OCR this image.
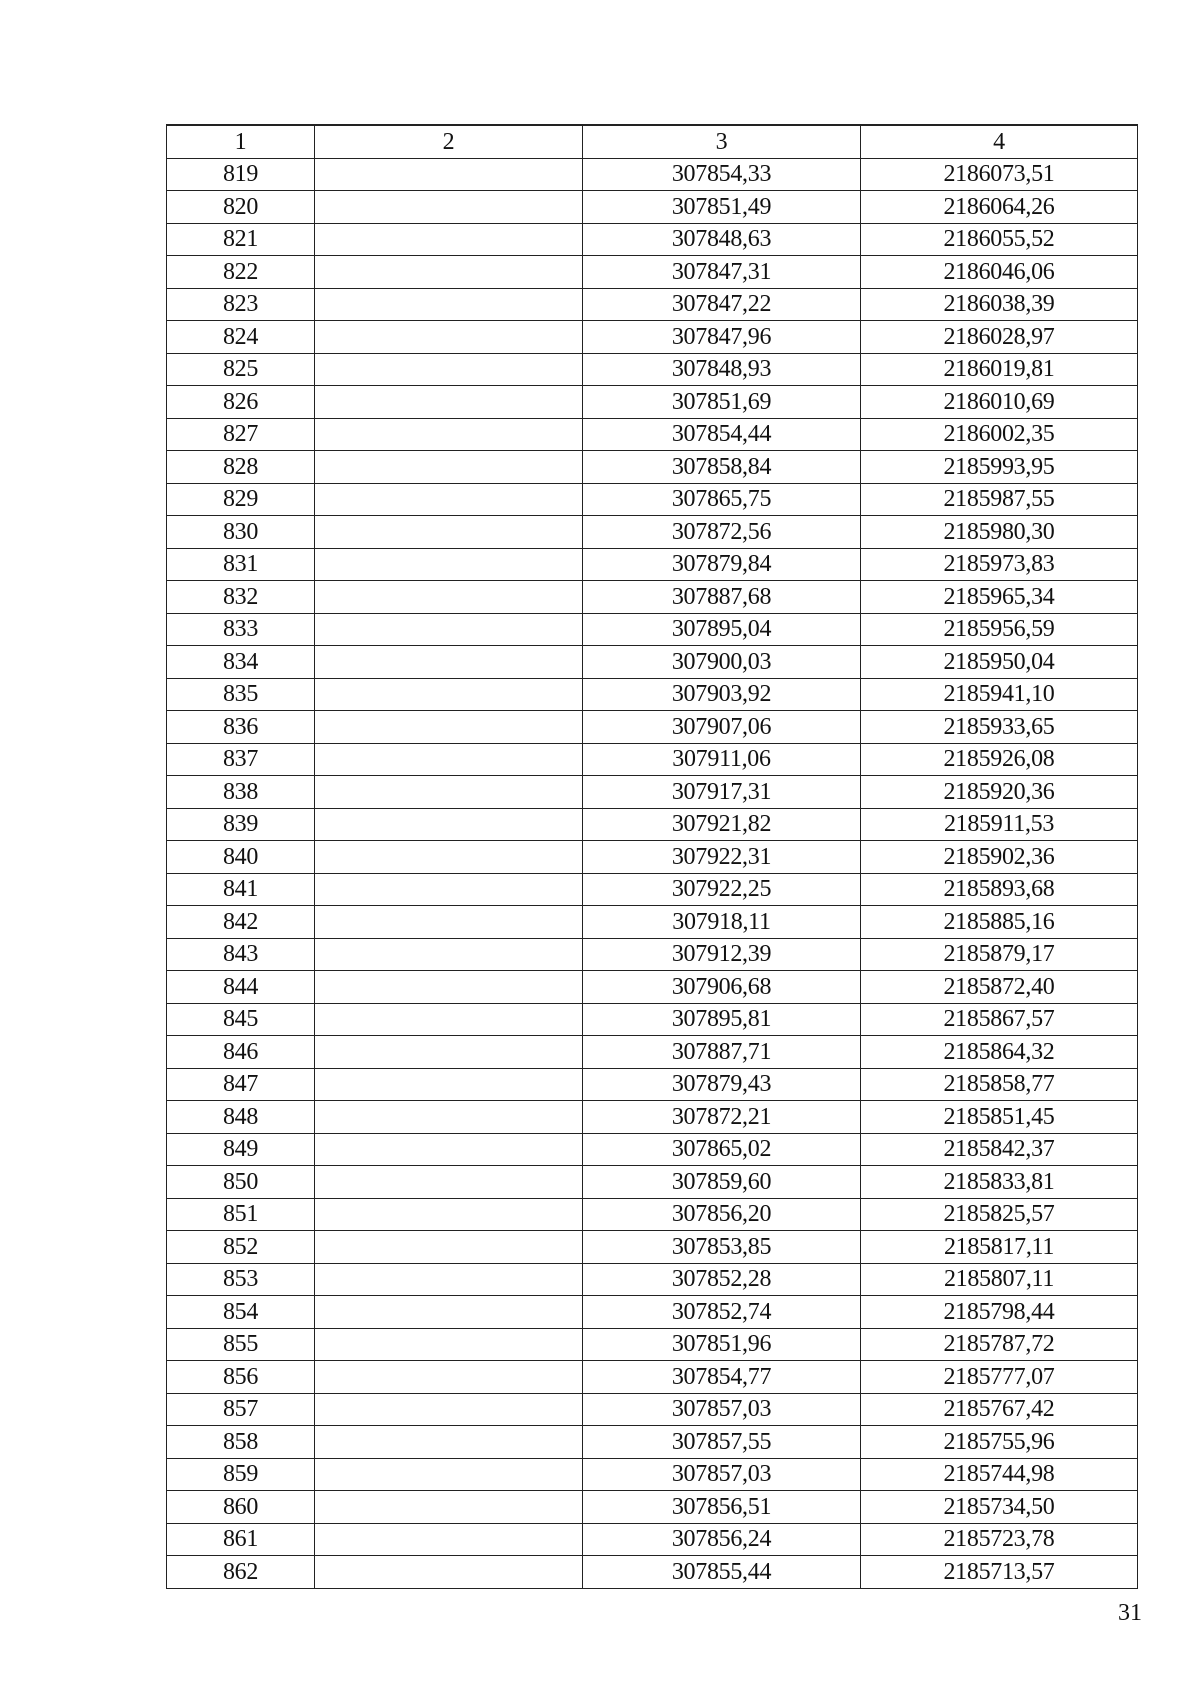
1	2	3	4
819		307854,33	2186073,51
820		307851,49	2186064,26
821		307848,63	2186055,52
822		307847,31	2186046,06
823		307847,22	2186038,39
824		307847,96	2186028,97
825		307848,93	2186019,81
826		307851,69	2186010,69
827		307854,44	2186002,35
828		307858,84	2185993,95
829		307865,75	2185987,55
830		307872,56	2185980,30
831		307879,84	2185973,83
832		307887,68	2185965,34
833		307895,04	2185956,59
834		307900,03	2185950,04
835		307903,92	2185941,10
836		307907,06	2185933,65
837		307911,06	2185926,08
838		307917,31	2185920,36
839		307921,82	2185911,53
840		307922,31	2185902,36
841		307922,25	2185893,68
842		307918,11	2185885,16
843		307912,39	2185879,17
844		307906,68	2185872,40
845		307895,81	2185867,57
846		307887,71	2185864,32
847		307879,43	2185858,77
848		307872,21	2185851,45
849		307865,02	2185842,37
850		307859,60	2185833,81
851		307856,20	2185825,57
852		307853,85	2185817,11
853		307852,28	2185807,11
854		307852,74	2185798,44
855		307851,96	2185787,72
856		307854,77	2185777,07
857		307857,03	2185767,42
858		307857,55	2185755,96
859		307857,03	2185744,98
860		307856,51	2185734,50
861		307856,24	2185723,78
862		307855,44	2185713,57
31
